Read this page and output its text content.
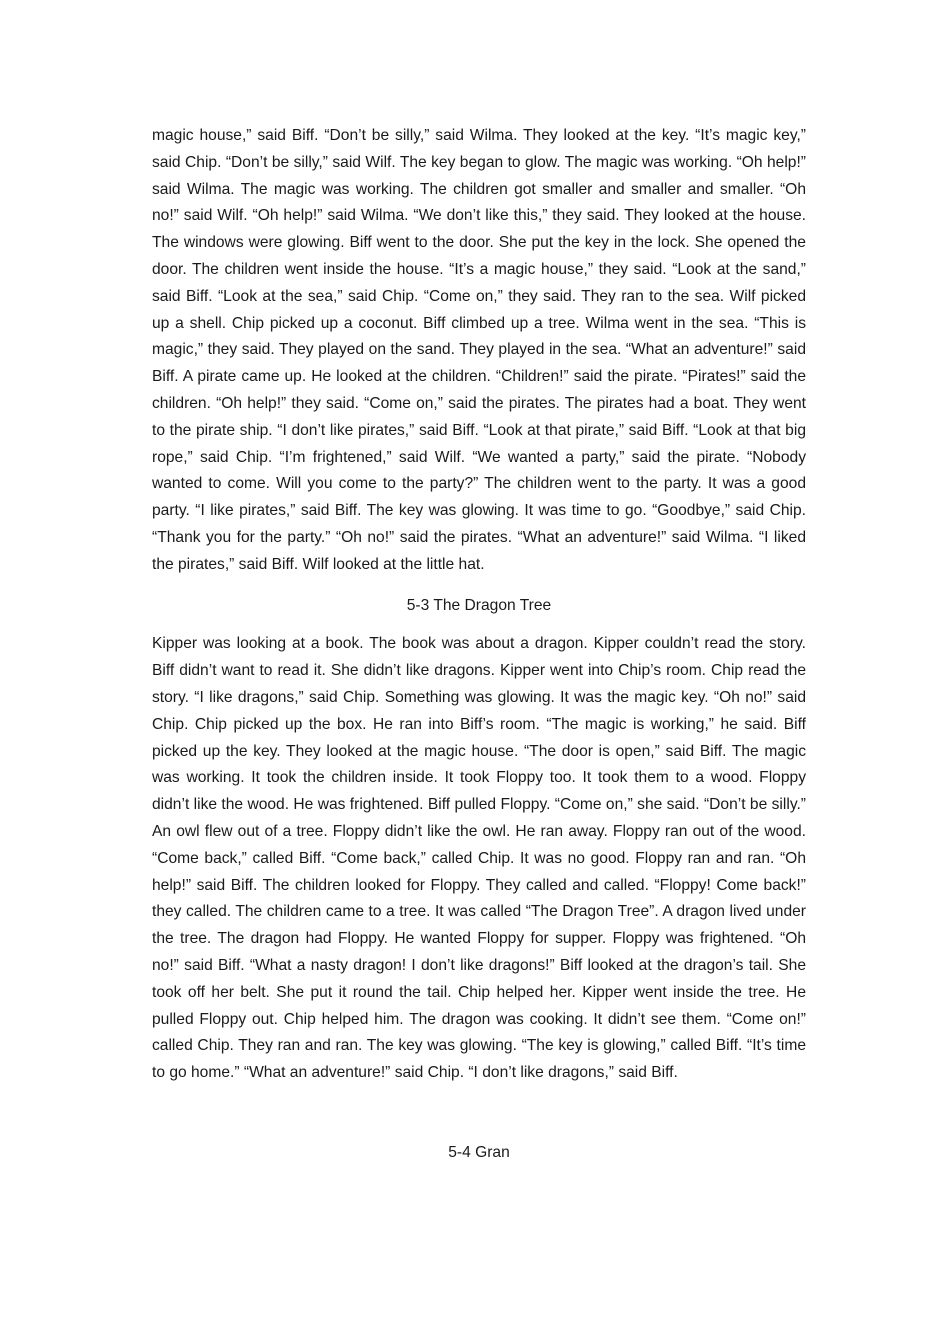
magic house,” said Biff. “Don’t be silly,” said Wilma. They looked at the key. “It’s magic key,” said Chip. “Don’t be silly,” said Wilf. The key began to glow. The magic was working. “Oh help!” said Wilma. The magic was working. The children got smaller and smaller and smaller. “Oh no!” said Wilf. “Oh help!” said Wilma. “We don’t like this,” they said. They looked at the house. The windows were glowing. Biff went to the door. She put the key in the lock. She opened the door. The children went inside the house. “It’s a magic house,” they said. “Look at the sand,” said Biff. “Look at the sea,” said Chip. “Come on,” they said. They ran to the sea. Wilf picked up a shell. Chip picked up a coconut. Biff climbed up a tree. Wilma went in the sea. “This is magic,” they said. They played on the sand. They played in the sea. “What an adventure!” said Biff. A pirate came up. He looked at the children. “Children!” said the pirate. “Pirates!” said the children. “Oh help!” they said. “Come on,” said the pirates. The pirates had a boat. They went to the pirate ship. “I don’t like pirates,” said Biff. “Look at that pirate,” said Biff. “Look at that big rope,” said Chip. “I’m frightened,” said Wilf. “We wanted a party,” said the pirate. “Nobody wanted to come. Will you come to the party?” The children went to the party. It was a good party. “I like pirates,” said Biff. The key was glowing. It was time to go. “Goodbye,” said Chip. “Thank you for the party.” “Oh no!” said the pirates. “What an adventure!” said Wilma. “I liked the pirates,” said Biff. Wilf looked at the little hat.

5-3 The Dragon Tree

Kipper was looking at a book. The book was about a dragon. Kipper couldn’t read the story. Biff didn’t want to read it. She didn’t like dragons. Kipper went into Chip’s room. Chip read the story. “I like dragons,” said Chip. Something was glowing. It was the magic key. “Oh no!” said Chip. Chip picked up the box. He ran into Biff’s room. “The magic is working,” he said. Biff picked up the key. They looked at the magic house. “The door is open,” said Biff. The magic was working. It took the children inside. It took Floppy too. It took them to a wood. Floppy didn’t like the wood. He was frightened. Biff pulled Floppy. “Come on,” she said. “Don’t be silly.” An owl flew out of a tree. Floppy didn’t like the owl. He ran away. Floppy ran out of the wood. “Come back,” called Biff. “Come back,” called Chip. It was no good. Floppy ran and ran. “Oh help!” said Biff. The children looked for Floppy. They called and called. “Floppy! Come back!” they called. The children came to a tree. It was called “The Dragon Tree”. A dragon lived under the tree. The dragon had Floppy. He wanted Floppy for supper. Floppy was frightened. “Oh no!” said Biff. “What a nasty dragon! I don’t like dragons!” Biff looked at the dragon’s tail. She took off her belt. She put it round the tail. Chip helped her. Kipper went inside the tree. He pulled Floppy out. Chip helped him. The dragon was cooking. It didn’t see them. “Come on!” called Chip. They ran and ran. The key was glowing. “The key is glowing,” called Biff. “It’s time to go home.” “What an adventure!” said Chip. “I don’t like dragons,” said Biff.

5-4 Gran
